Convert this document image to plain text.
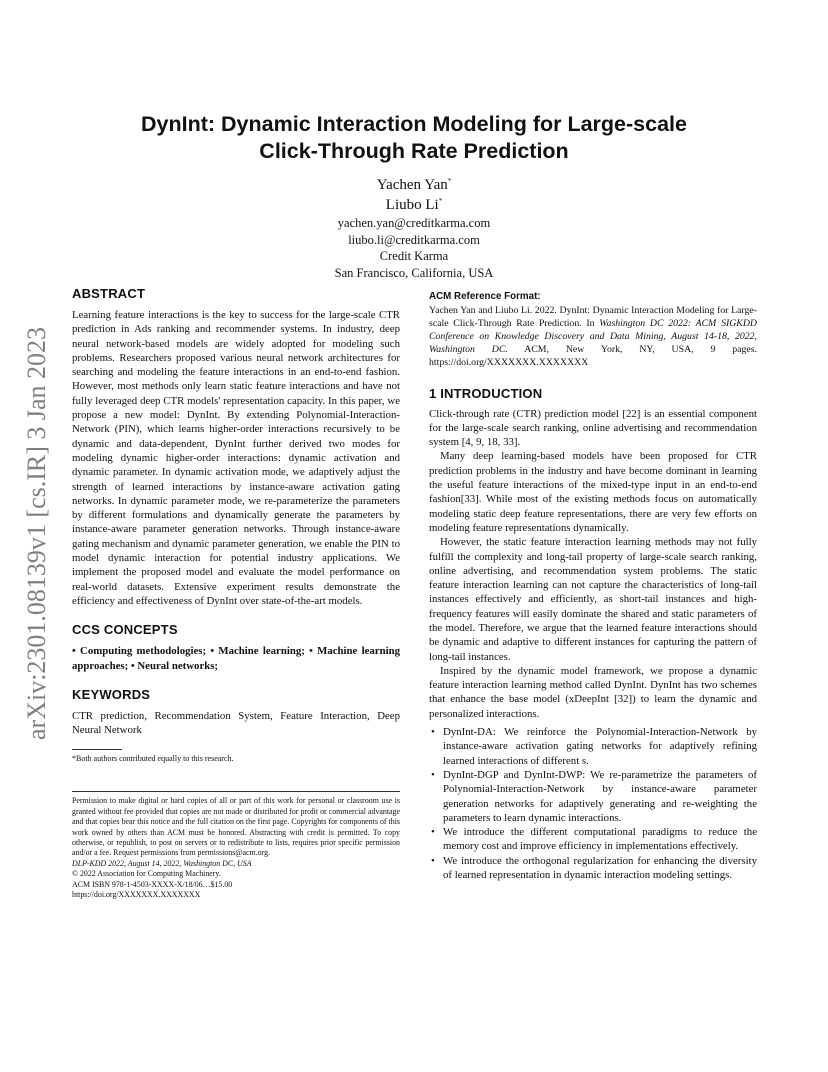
arXiv:2301.08139v1 [cs.IR] 3 Jan 2023
DynInt: Dynamic Interaction Modeling for Large-scale
Click-Through Rate Prediction
Yachen Yan*
Liubo Li*
yachen.yan@creditkarma.com
liubo.li@creditkarma.com
Credit Karma
San Francisco, California, USA
ABSTRACT

Learning feature interactions is the key to success for the large-scale CTR prediction in Ads ranking and recommender systems. In industry, deep neural network-based models are widely adopted for modeling such problems. Researchers proposed various neural network architectures for searching and modeling the feature interactions in an end-to-end fashion. However, most methods only learn static feature interactions and have not fully leveraged deep CTR models' representation capacity. In this paper, we propose a new model: DynInt. By extending Polynomial-Interaction-Network (PIN), which learns higher-order interactions recursively to be dynamic and data-dependent, DynInt further derived two modes for modeling dynamic higher-order interactions: dynamic activation and dynamic parameter. In dynamic activation mode, we adaptively adjust the strength of learned interactions by instance-aware activation gating networks. In dynamic parameter mode, we re-parameterize the parameters by different formulations and dynamically generate the parameters by instance-aware parameter generation networks. Through instance-aware gating mechanism and dynamic parameter generation, we enable the PIN to model dynamic interaction for potential industry applications. We implement the proposed model and evaluate the model performance on real-world datasets. Extensive experiment results demonstrate the efficiency and effectiveness of DynInt over state-of-the-art models.

CCS CONCEPTS

• Computing methodologies; • Machine learning; • Machine learning approaches; • Neural networks;

KEYWORDS

CTR prediction, Recommendation System, Feature Interaction, Deep Neural Network

*Both authors contributed equally to this research.

Permission to make digital or hard copies of all or part of this work for personal or classroom use is granted without fee provided that copies are not made or distributed for profit or commercial advantage and that copies bear this notice and the full citation on the first page. Copyrights for components of this work owned by others than ACM must be honored. Abstracting with credit is permitted. To copy otherwise, or republish, to post on servers or to redistribute to lists, requires prior specific permission and/or a fee. Request permissions from permissions@acm.org.

DLP-KDD 2022, August 14, 2022, Washington DC, USA

© 2022 Association for Computing Machinery.

ACM ISBN 978-1-4503-XXXX-X/18/06…$15.00

https://doi.org/XXXXXXX.XXXXXXX

ACM Reference Format:

Yachen Yan and Liubo Li. 2022. DynInt: Dynamic Interaction Modeling for Large-scale Click-Through Rate Prediction. In Washington DC 2022: ACM SIGKDD Conference on Knowledge Discovery and Data Mining, August 14-18, 2022, Washington DC. ACM, New York, NY, USA, 9 pages. https://doi.org/XXXXXXX.XXXXXXX

1 INTRODUCTION

Click-through rate (CTR) prediction model [22] is an essential component for the large-scale search ranking, online advertising and recommendation system [4, 9, 18, 33].

Many deep learning-based models have been proposed for CTR prediction problems in the industry and have become dominant in learning the useful feature interactions of the mixed-type input in an end-to-end fashion[33]. While most of the existing methods focus on automatically modeling static deep feature representations, there are very few efforts on modeling feature representations dynamically.

However, the static feature interaction learning methods may not fully fulfill the complexity and long-tail property of large-scale search ranking, online advertising, and recommendation system problems. The static feature interaction learning can not capture the characteristics of long-tail instances effectively and efficiently, as short-tail instances and high-frequency features will easily dominate the shared and static parameters of the model. Therefore, we argue that the learned feature interactions should be dynamic and adaptive to different instances for capturing the pattern of long-tail instances.

Inspired by the dynamic model framework, we propose a dynamic feature interaction learning method called DynInt. DynInt has two schemes that enhance the base model (xDeepInt [32]) to learn the dynamic and personalized interactions.

• DynInt-DA: We reinforce the Polynomial-Interaction-Network by instance-aware activation gating networks for adaptively refining learned interactions of different s.
• DynInt-DGP and DynInt-DWP: We re-parametrize the parameters of Polynomial-Interaction-Network by instance-aware parameter generation networks for adaptively generating and re-weighting the parameters to learn dynamic interactions.
• We introduce the different computational paradigms to reduce the memory cost and improve efficiency in implementations effectively.
• We introduce the orthogonal regularization for enhancing the diversity of learned representation in dynamic interaction modeling settings.
